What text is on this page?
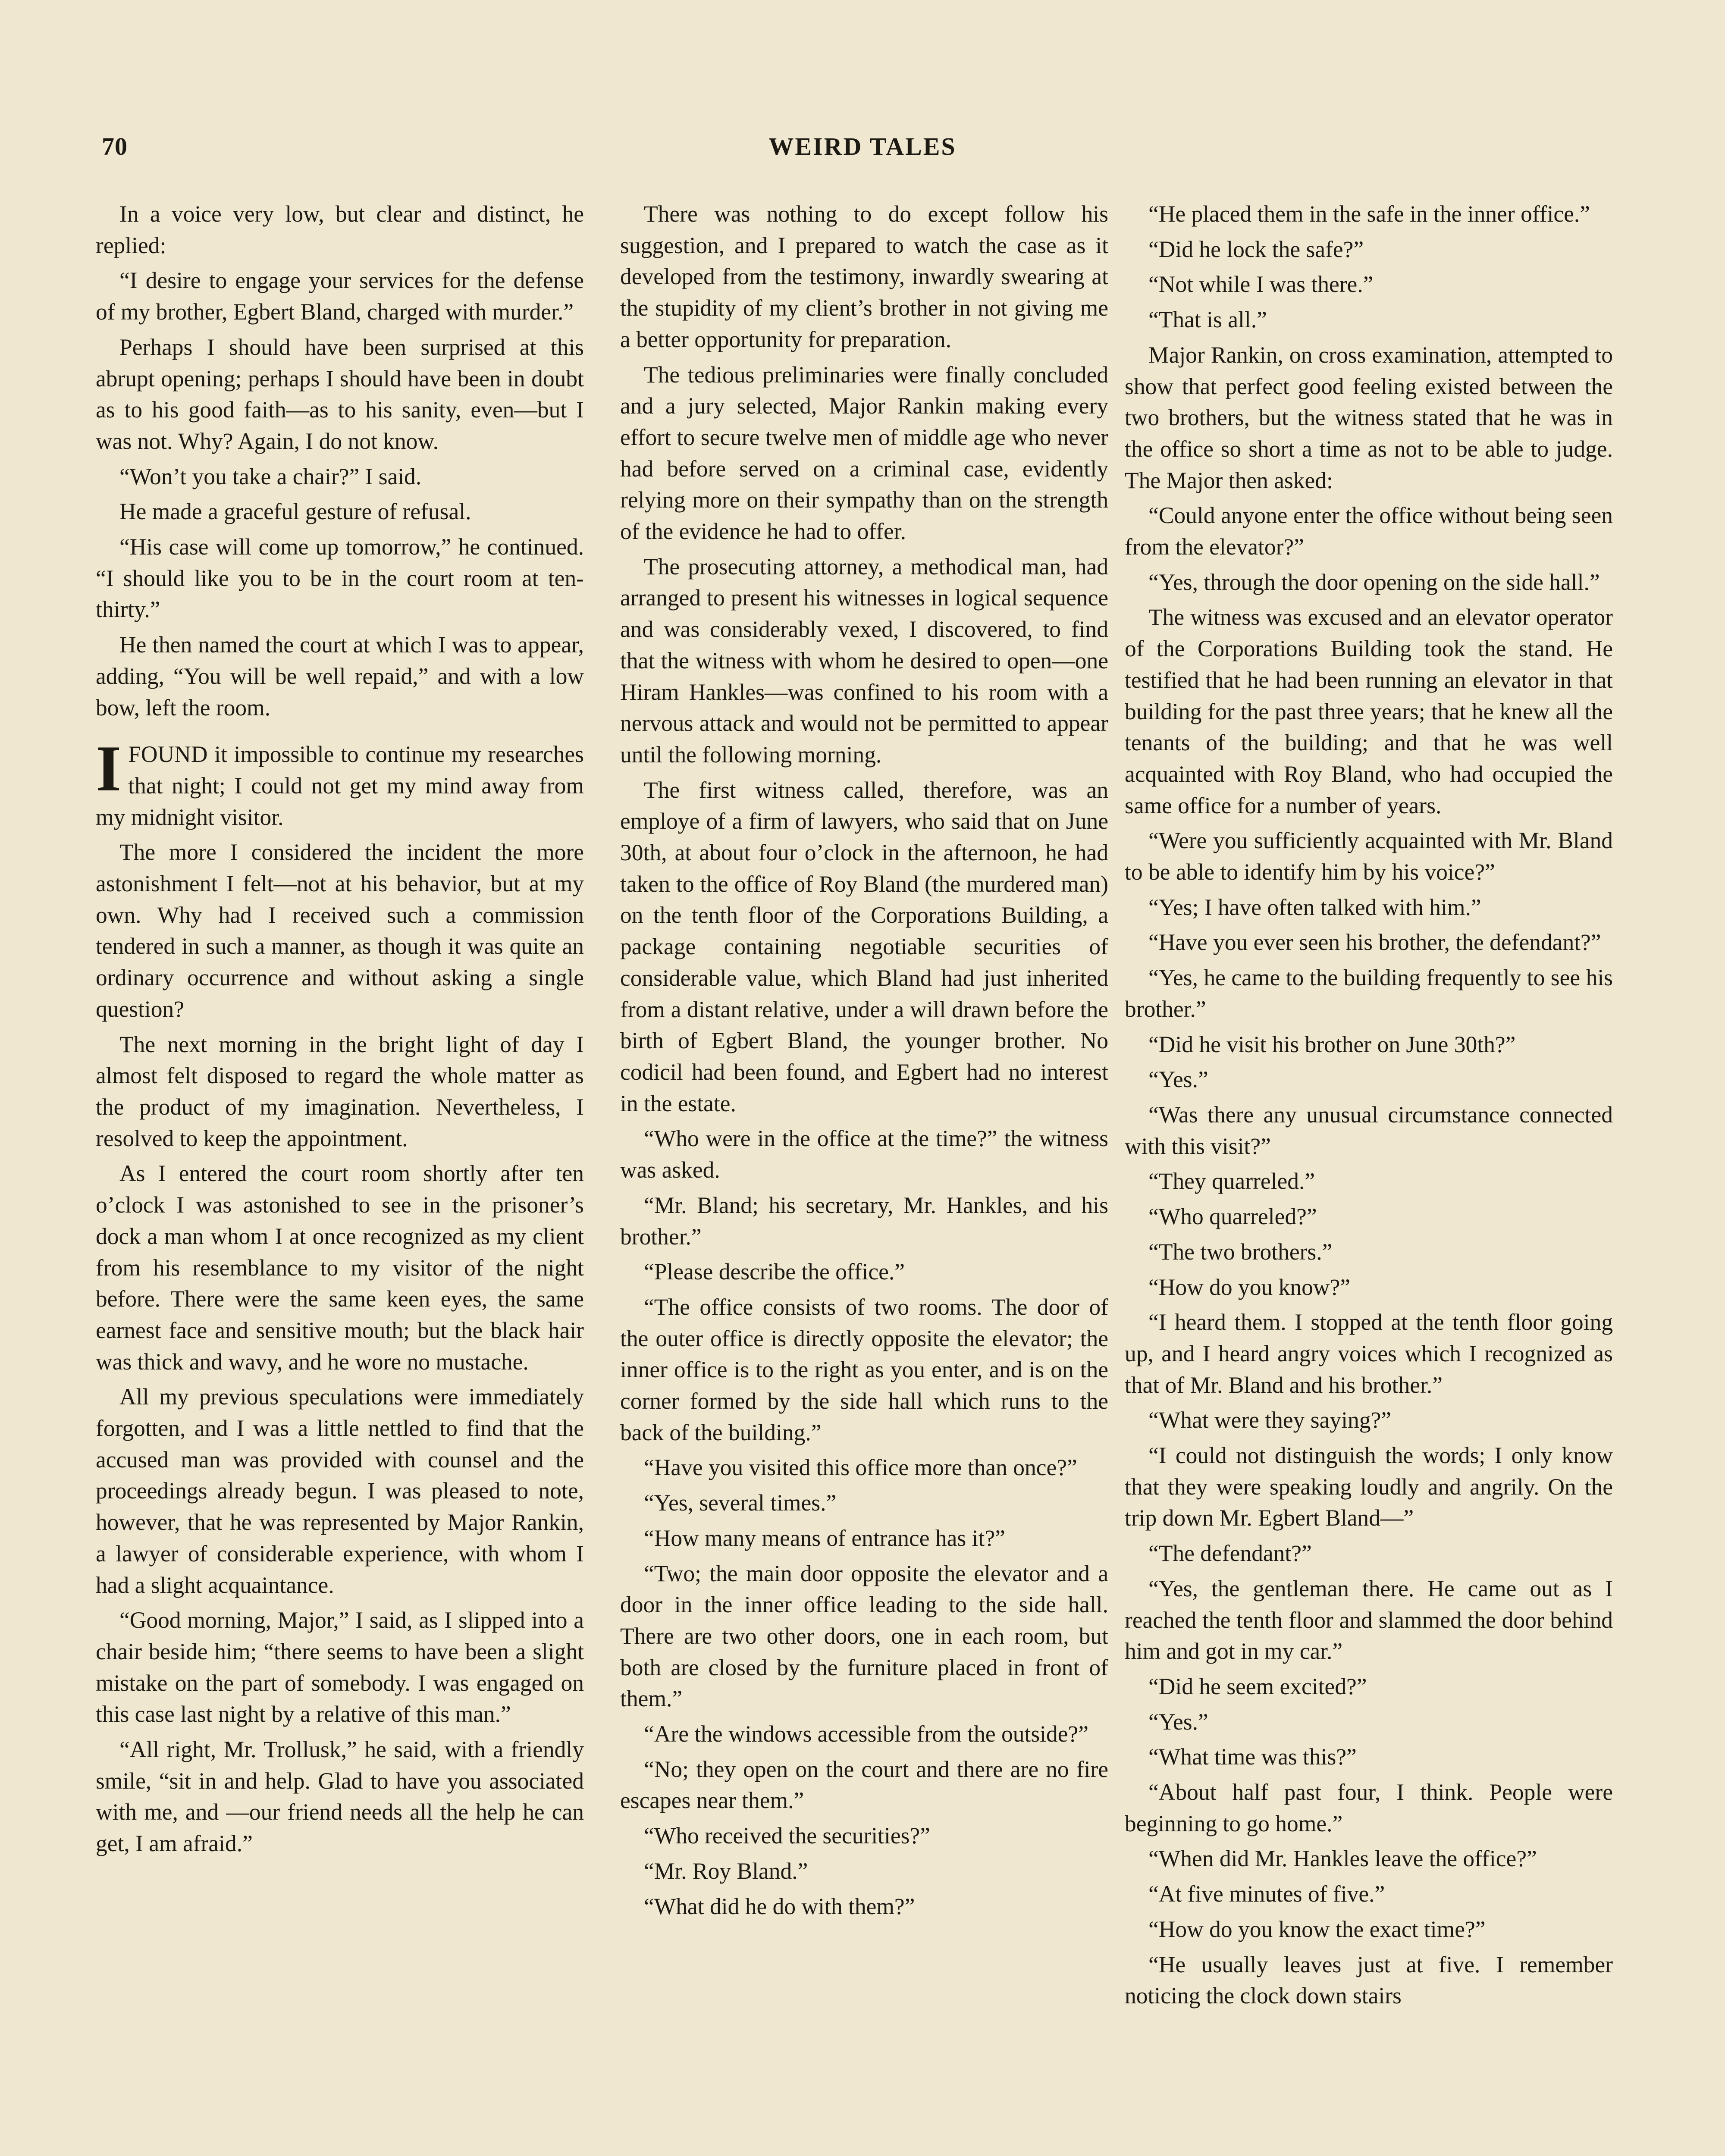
70	WEIRD TALES

In a voice very low, but clear and distinct, he replied:

“I desire to engage your services for the defense of my brother, Egbert Bland, charged with murder.”

Perhaps I should have been surprised at this abrupt opening; perhaps I should have been in doubt as to his good faith—as to his sanity, even—but I was not. Why? Again, I do not know.

“Won’t you take a chair?” I said.

He made a graceful gesture of refusal.

“His case will come up tomorrow,” he continued. “I should like you to be in the court room at ten-thirty.”

He then named the court at which I was to appear, adding, “You will be well repaid,” and with a low bow, left the room.

IFOUND it impossible to continue my researches that night; I could not get my mind away from my midnight visitor.

The more I considered the incident the more astonishment I felt—not at his behavior, but at my own. Why had I received such a commission tendered in such a manner, as though it was quite an ordinary occurrence and without asking a single question?

The next morning in the bright light of day I almost felt disposed to regard the whole matter as the product of my imagination. Nevertheless, I resolved to keep the appointment.

As I entered the court room shortly after ten o’clock I was astonished to see in the prisoner’s dock a man whom I at once recognized as my client from his resemblance to my visitor of the night before. There were the same keen eyes, the same earnest face and sensitive mouth; but the black hair was thick and wavy, and he wore no mustache.

All my previous speculations were immediately forgotten, and I was a little nettled to find that the accused man was provided with counsel and the proceedings already begun. I was pleased to note, however, that he was represented by Major Rankin, a lawyer of considerable experience, with whom I had a slight acquaintance.

“Good morning, Major,” I said, as I slipped into a chair beside him; “there seems to have been a slight mistake on the part of somebody. I was engaged on this case last night by a relative of this man.”

“All right, Mr. Trollusk,” he said, with a friendly smile, “sit in and help. Glad to have you associated with me, and —our friend needs all the help he can get, I am afraid.”

There was nothing to do except follow his suggestion, and I prepared to watch the case as it developed from the testimony, inwardly swearing at the stupidity of my client’s brother in not giving me a better opportunity for preparation.

The tedious preliminaries were finally concluded and a jury selected, Major Rankin making every effort to secure twelve men of middle age who never had before served on a criminal case, evidently relying more on their sympathy than on the strength of the evidence he had to offer.

The prosecuting attorney, a methodical man, had arranged to present his witnesses in logical sequence and was considerably vexed, I discovered, to find that the witness with whom he desired to open—one Hiram Hankles—was confined to his room with a nervous attack and would not be permitted to appear until the following morning.

The first witness called, therefore, was an employe of a firm of lawyers, who said that on June 30th, at about four o’clock in the afternoon, he had taken to the office of Roy Bland (the murdered man) on the tenth floor of the Corporations Building, a package containing negotiable securities of considerable value, which Bland had just inherited from a distant relative, under a will drawn before the birth of Egbert Bland, the younger brother. No codicil had been found, and Egbert had no interest in the estate.

“Who were in the office at the time?” the witness was asked.

“Mr. Bland; his secretary, Mr. Hankles, and his brother.”

“Please describe the office.”

“The office consists of two rooms. The door of the outer office is directly opposite the elevator; the inner office is to the right as you enter, and is on the corner formed by the side hall which runs to the back of the building.”

“Have you visited this office more than once?”

“Yes, several times.”

“How many means of entrance has it?”

“Two; the main door opposite the elevator and a door in the inner office leading to the side hall. There are two other doors, one in each room, but both are closed by the furniture placed in front of them.”

“Are the windows accessible from the outside?”

“No; they open on the court and there are no fire escapes near them.”

“Who received the securities?”

“Mr. Roy Bland.”

“What did he do with them?”

“He placed them in the safe in the inner office.”

“Did he lock the safe?”

“Not while I was there.”

“That is all.”

Major Rankin, on cross examination, attempted to show that perfect good feeling existed between the two brothers, but the witness stated that he was in the office so short a time as not to be able to judge. The Major then asked:

“Could anyone enter the office without being seen from the elevator?”

“Yes, through the door opening on the side hall.”

The witness was excused and an elevator operator of the Corporations Building took the stand. He testified that he had been running an elevator in that building for the past three years; that he knew all the tenants of the building; and that he was well acquainted with Roy Bland, who had occupied the same office for a number of years.

“Were you sufficiently acquainted with Mr. Bland to be able to identify him by his voice?”

“Yes; I have often talked with him.”

“Have you ever seen his brother, the defendant?”

“Yes, he came to the building frequently to see his brother.”

“Did he visit his brother on June 30th?”

“Yes.”

“Was there any unusual circumstance connected with this visit?”

“They quarreled.”

“Who quarreled?”

“The two brothers.”

“How do you know?”

“I heard them. I stopped at the tenth floor going up, and I heard angry voices which I recognized as that of Mr. Bland and his brother.”

“What were they saying?”

“I could not distinguish the words; I only know that they were speaking loudly and angrily. On the trip down Mr. Egbert Bland—”

“The defendant?”

“Yes, the gentleman there. He came out as I reached the tenth floor and slammed the door behind him and got in my car.”

“Did he seem excited?”

“Yes.”

“What time was this?”

“About half past four, I think. People were beginning to go home.”

“When did Mr. Hankles leave the office?”

“At five minutes of five.”

“How do you know the exact time?”

“He usually leaves just at five. I remember noticing the clock down stairs
